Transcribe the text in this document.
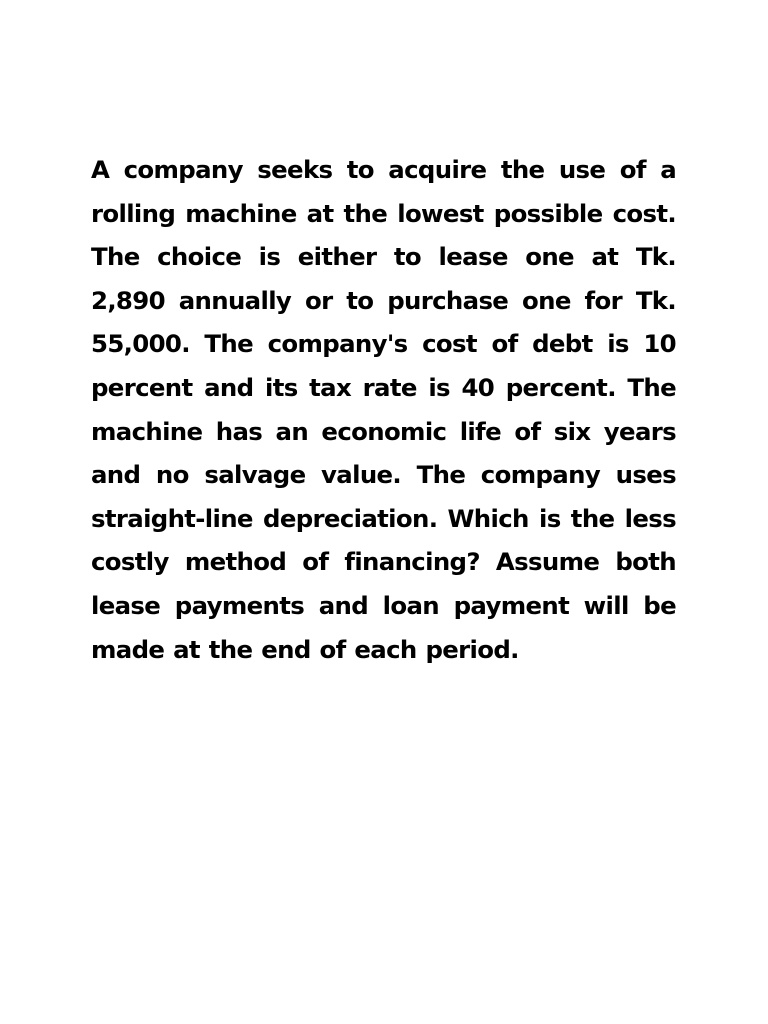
A company seeks to acquire the use of a rolling machine at the lowest possible cost. The choice is either to lease one at Tk. 2,890 annually or to purchase one for Tk. 55,000. The company's cost of debt is 10 percent and its tax rate is 40 percent. The machine has an economic life of six years and no salvage value. The company uses straight-line depreciation. Which is the less costly method of financing? Assume both lease payments and loan payment will be made at the end of each period.
